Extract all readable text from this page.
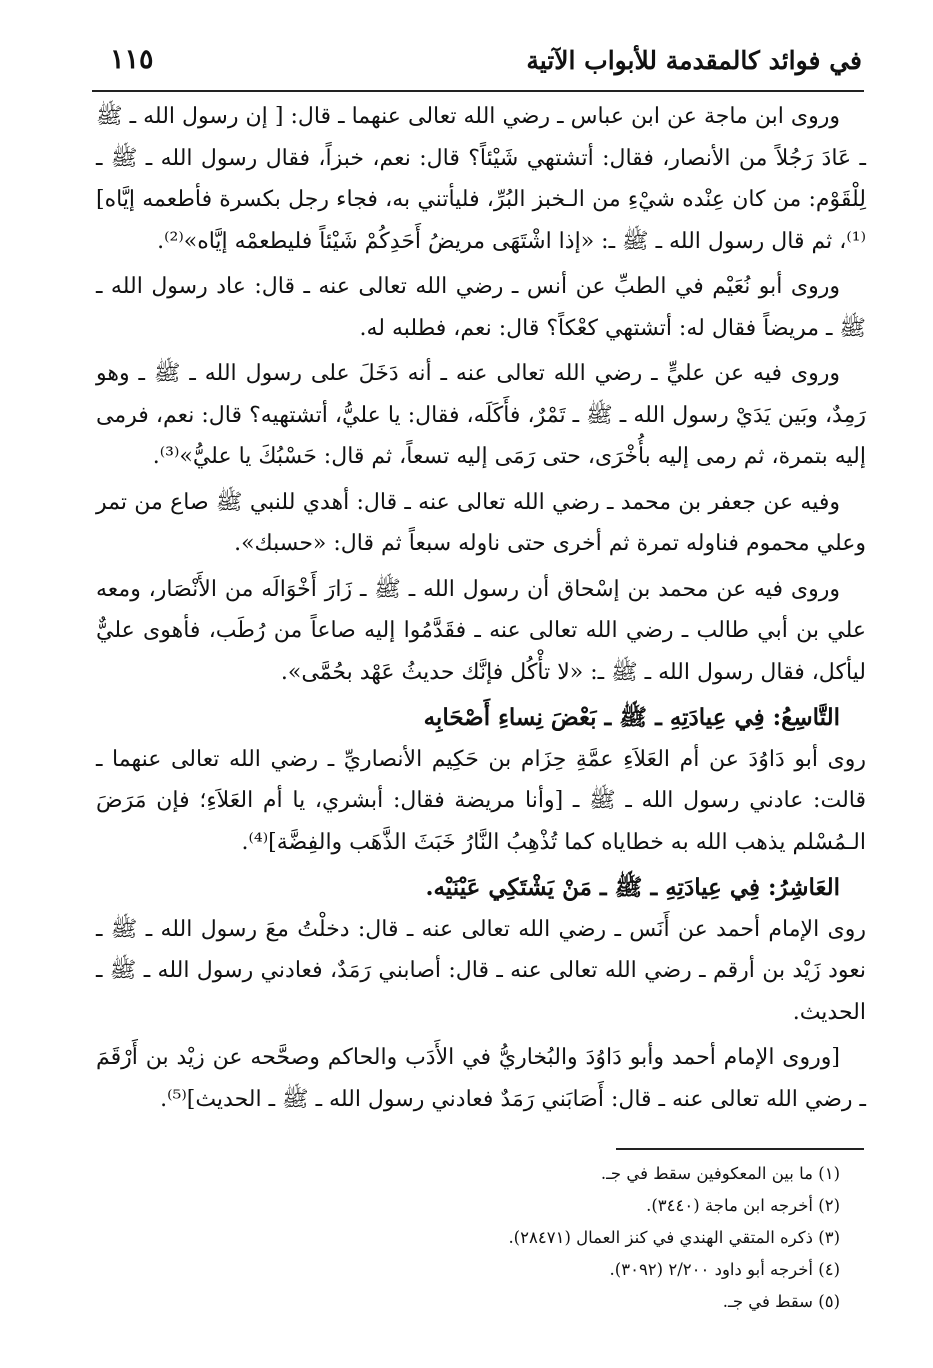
في فوائد كالمقدمة للأبواب الآتية
١١٥

وروى ابن ماجة عن ابن عباس ـ رضي الله تعالى عنهما ـ قال: [ إن رسول الله ـ ﷺ ـ عَادَ رَجُلاً من الأنصار، فقال: أتشتهي شَيْئاً؟ قال: نعم، خبزاً، فقال رسول الله ـ ﷺ ـ لِلْقَوْم: من كان عِنْده شيْءِ من الـخبز البُرِّ، فليأتني به، فجاء رجل بكسرة فأطعمه إيَّاه]⁽¹⁾، ثم قال رسول الله ـ ﷺ ـ: «إذا اشْتَهَى مريضُ أَحَدِكُمْ شَيْئاً فليطعمْه إيَّاه»⁽²⁾.

وروى أبو نُعَيْم في الطبِّ عن أنس ـ رضي الله تعالى عنه ـ قال: عاد رسول الله ـ ﷺ ـ مريضاً فقال له: أتشتهي كعْكاً؟ قال: نعم، فطلبه له.

وروى فيه عن عليٍّ ـ رضي الله تعالى عنه ـ أنه دَخَلَ على رسول الله ـ ﷺ ـ وهو رَمِدٌ، وبَين يَدَيْ رسول الله ـ ﷺ ـ تَمْرٌ، فأَكَلَه، فقال: يا عليُّ، أتشتهيه؟ قال: نعم، فرمى إليه بتمرة، ثم رمى إليه بأُخْرَى، حتى رَمَى إليه تسعاً، ثم قال: حَسْبُكَ يا عليُّ»⁽³⁾.

وفيه عن جعفر بن محمد ـ رضي الله تعالى عنه ـ قال: أهدي للنبي ﷺ صاع من تمر وعلي محموم فناوله تمرة ثم أخرى حتى ناوله سبعاً ثم قال: «حسبك».

وروى فيه عن محمد بن إسْحاق أن رسول الله ـ ﷺ ـ زَارَ أَخْوَالَه من الأَنْصَار، ومعه علي بن أبي طالب ـ رضي الله تعالى عنه ـ فقَدَّمُوا إليه صاعاً من رُطَب، فأهوى عليٌّ ليأكل، فقال رسول الله ـ ﷺ ـ: «لا تأْكُل فإنَّك حديثُ عَهْد بحُمَّى».

التَّاسِعُ: فِي عِيادَتِهِ ـ ﷺ ـ بَعْضَ نِساءِ أَصْحَابِه

روى أبو دَاوُدَ عن أم العَلاَءِ عمَّةِ حِزَام بن حَكِيم الأنصاريِّ ـ رضي الله تعالى عنهما ـ قالت: عادني رسول الله ـ ﷺ ـ [وأنا مريضة فقال: أبشري، يا أم العَلاَءِ؛ فإن مَرَضَ الـمُسْلم يذهب الله به خطاياه كما تُذْهِبُ النَّارُ خَبَثَ الذَّهَب والفِضَّة]⁽⁴⁾.

العَاشِرُ: فِي عِيادَتِهِ ـ ﷺ ـ مَنْ يَشْتَكِي عَيْنَيْه.

روى الإمام أحمد عن أَنَس ـ رضي الله تعالى عنه ـ قال: دخلْتُ معَ رسول الله ـ ﷺ ـ نعود زَيْد بن أرقم ـ رضي الله تعالى عنه ـ قال: أصابني رَمَدٌ، فعادني رسول الله ـ ﷺ ـ الحديث.

[وروى الإمام أحمد وأبو دَاوُدَ والبُخاريُّ في الأَدَب والحاكم وصحَّحه عن زيْد بن أَرْقَمَ ـ رضي الله تعالى عنه ـ قال: أَصَابَني رَمَدٌ فعادني رسول الله ـ ﷺ ـ الحديث]⁽⁵⁾.

(١) ما بين المعكوفين سقط في جـ.
(٢) أخرجه ابن ماجة (٣٤٤٠).
(٣) ذكره المتقي الهندي في كنز العمال (٢٨٤٧١).
(٤) أخرجه أبو داود ٢/٢٠٠ (٣٠٩٢).
(٥) سقط في جـ.
